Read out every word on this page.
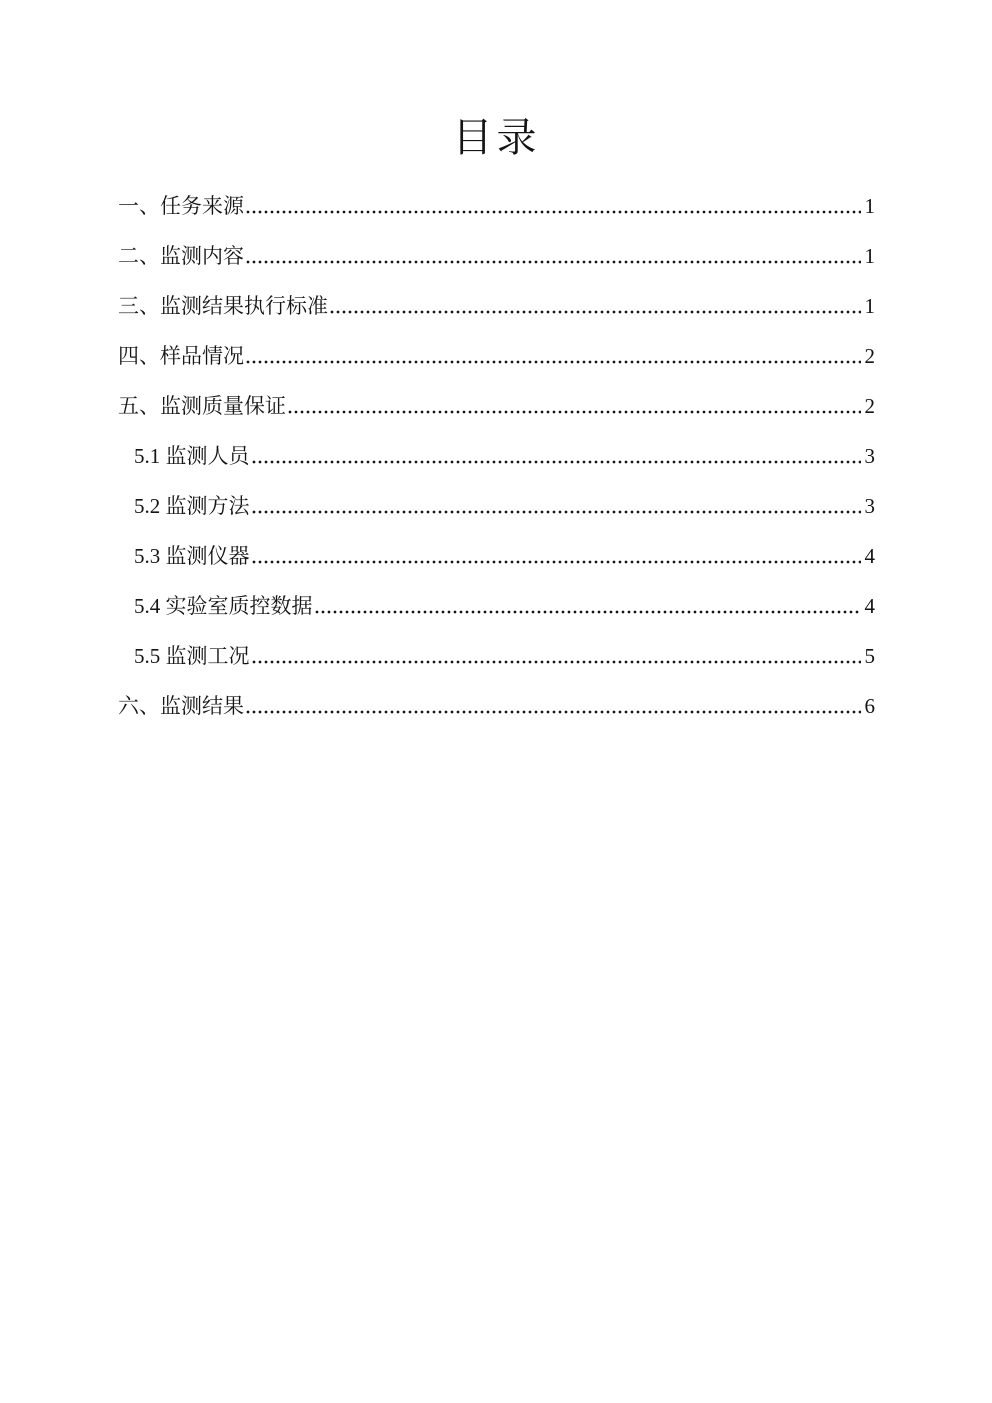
目录
一、任务来源	1
二、监测内容	1
三、监测结果执行标准	1
四、样品情况	2
五、监测质量保证	2
5.1 监测人员	3
5.2 监测方法	3
5.3 监测仪器	4
5.4 实验室质控数据	4
5.5 监测工况	5
六、监测结果	6
